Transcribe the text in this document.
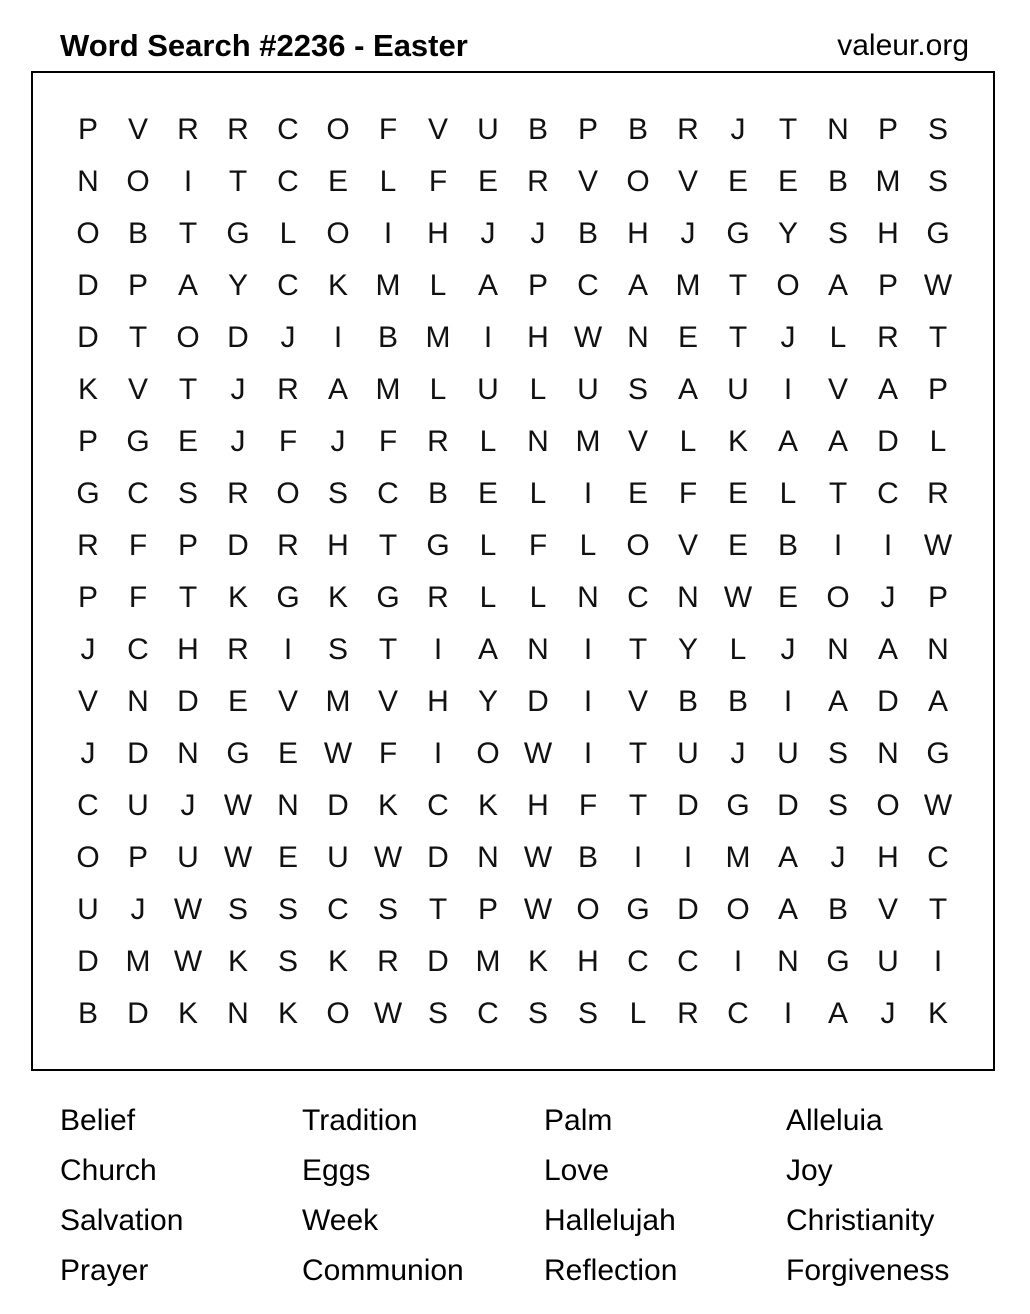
Word Search #2236 - Easter	valeur.org
P V R R C O F	V U B P B R	J	T	N P S
N O	I	T	C E	L	F	E R V O V E E B M S
O B	T G L O	I	H	J	J	B H	J	G Y S H G
D P A Y C K M L	A P C A M T O A P W
D	T O D	J	I	B M	I	H W N E	T	J	L	R	T
K V	T	J	R A M L	U	L	U S A U	I	V A P
P G E	J	F	J	F	R	L	N M V	L	K A A D	L
G C S R O S C B E	L	I	E	F	E	L	T	C R
R	F	P D R H	T G L	F	L O V E B	I	I	W
P	F	T	K G K G R	L	L	N C N W E O	J	P
J	C H R	I	S	T	I	A N	I	T	Y	L	J	N A N
V N D E V M V H Y D	I	V B B	I	A D A
J	D N G E W F	I	O W	I	T	U	J	U S N G
C U	J W N D K C K H	F	T	D G D S O W
O P U W E U W D N W B	I	I	M A	J	H C
U	J W S S C S	T	P W O G D O A B V	T
D M W K S K R D M K H C C	I	N G U	I
B D K N K O W S C S S	L	R C	I	A	J	K
Belief	Tradition	Palm	Alleluia
Church	Eggs	Love	Joy
Salvation	Week	Hallelujah	Christianity
Prayer	Communion	Reflection	Forgiveness
